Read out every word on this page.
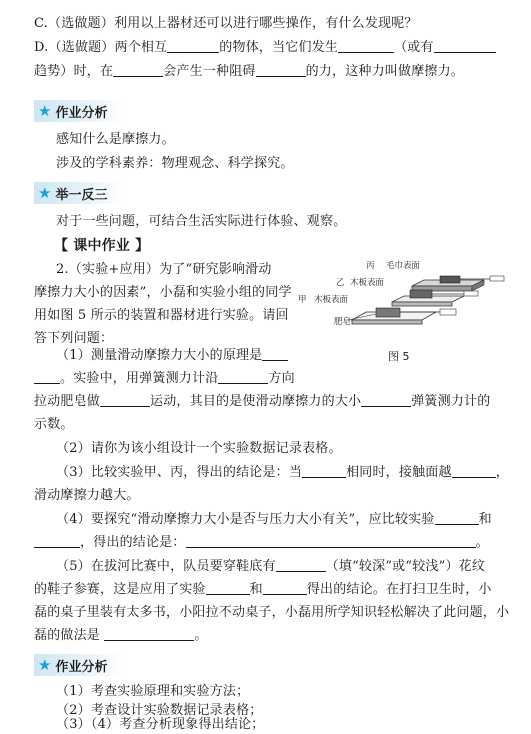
C.（选做题）利用以上器材还可以进行哪些操作，有什么发现呢？
D.（选做题）两个相互	的物体，当它们发生	（或有
趋势）时，在	会产生一种阻碍	的力，这种力叫做摩擦力。
★ 作业分析
感知什么是摩擦力。
涉及的学科素养：物理观念、科学探究。
★ 举一反三
对于一些问题，可结合生活实际进行体验、观察。
【 课中作业 】
2.（实验+应用）为了“研究影响滑动
摩擦力大小的因素”，小磊和实验小组的同学
用如图 5 所示的装置和器材进行实验。请回
答下列问题：
丙 毛巾表面
乙 木板表面
甲 木板表面
肥皂
图 5
（1）测量滑动摩擦力大小的原理是
。实验中，用弹簧测力计沿	方向
拉动肥皂做	运动，其目的是使滑动摩擦力的大小	弹簧测力计的
示数。
（2）请你为该小组设计一个实验数据记录表格。
（3）比较实验甲、丙，得出的结论是：当	相同时，接触面越	，
滑动摩擦力越大。
（4）要探究“滑动摩擦力大小是否与压力大小有关”，应比较实验	和
，得出的结论是：	。
（5）在拔河比赛中，队员要穿鞋底有	（填“较深”或“较浅”）花纹
的鞋子参赛，这是应用了实验	和	得出的结论。在打扫卫生时，小
磊的桌子里装有太多书，小阳拉不动桌子，小磊用所学知识轻松解决了此问题，小
磊的做法是	。
★ 作业分析
（1）考查实验原理和实验方法；
（2）考查设计实验数据记录表格；
（3）（4）考查分析现象得出结论；
